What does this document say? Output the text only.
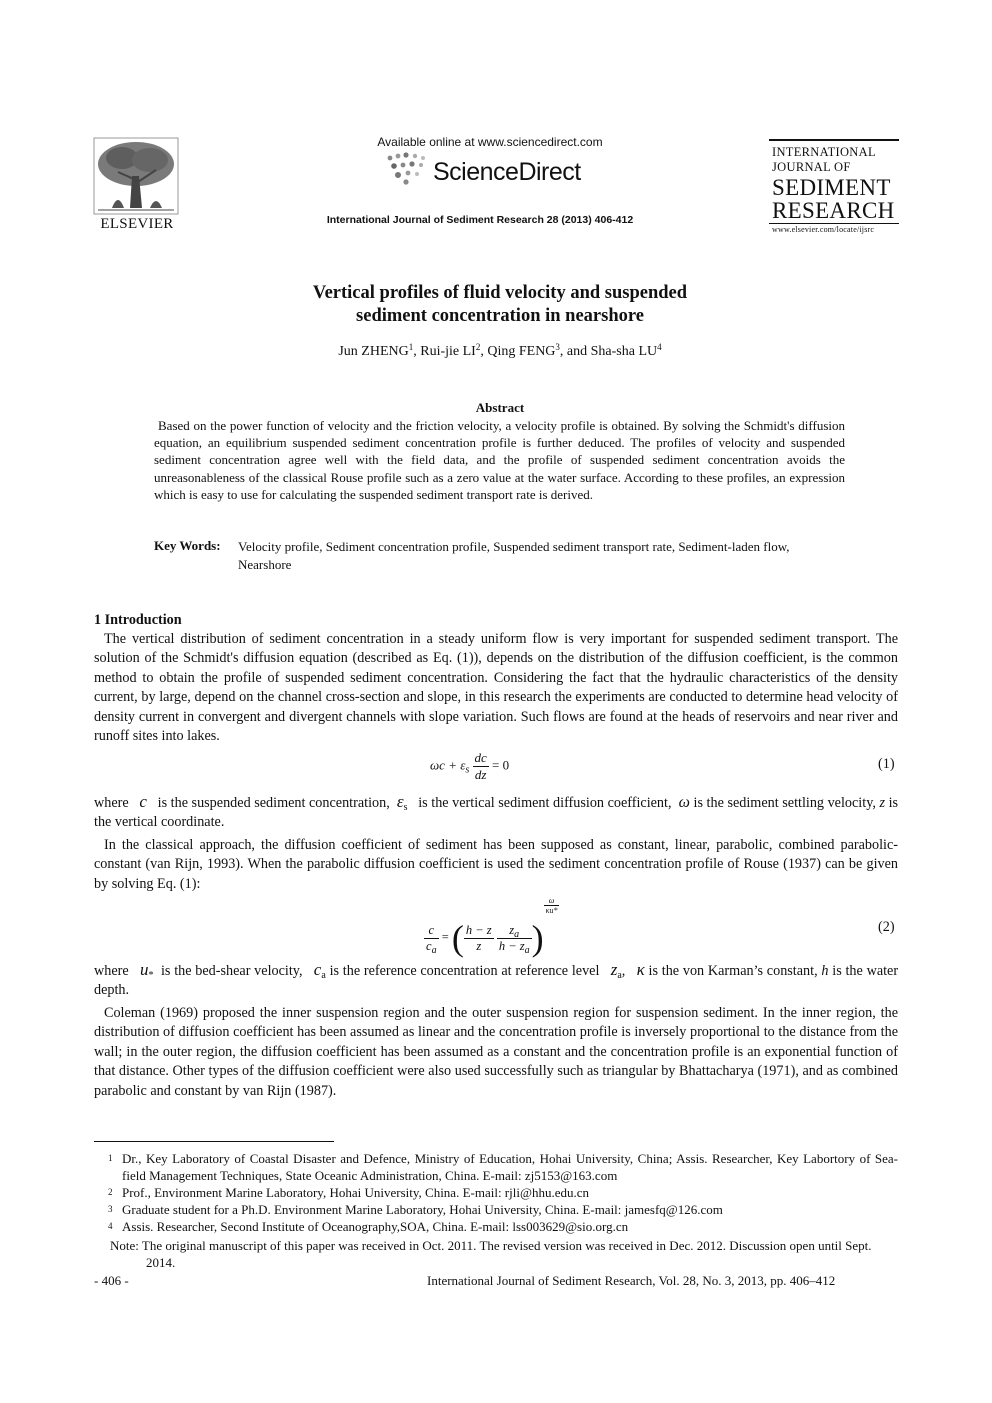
ELSEVIER
Available online at www.sciencedirect.com
ScienceDirect
International Journal of Sediment Research 28 (2013) 406-412
INTERNATIONAL
JOURNAL OF
SEDIMENT
RESEARCH
www.elsevier.com/locate/ijsrc
Vertical profiles of fluid velocity and suspended
sediment concentration in nearshore
Jun ZHENG$^1$, Rui-jie $LI^2$, Qing FENG$^3$, and Sha-sha $LU^4$
Abstract
Based on the power function of velocity and the friction velocity, a velocity profile is obtained. By solving the Schmidt's diffusion equation, an equilibrium suspended sediment concentration profile is further deduced. The profiles of velocity and suspended sediment concentration agree well with the field data, and the profile of suspended sediment concentration avoids the unreasonableness of the classical Rouse profile such as a zero value at the water surface. According to these profiles, an expression which is easy to use for calculating the suspended sediment transport rate is derived.
Key Words: Velocity profile, Sediment concentration profile, Suspended sediment transport rate, Sediment-laden flow, Nearshore
1 Introduction
The vertical distribution of sediment concentration in a steady uniform flow is very important for suspended sediment transport. The solution of the Schmidt's diffusion equation (described as Eq. (1)), depends on the distribution of the diffusion coefficient, is the common method to obtain the profile of suspended sediment concentration. Considering the fact that the hydraulic characteristics of the density current, by large, depend on the channel cross-section and slope, in this research the experiments are conducted to determine head velocity of density current in convergent and divergent channels with slope variation. Such flows are found at the heads of reservoirs and near river and runoff sites into lakes.
$\omega c + \varepsilon_s \frac{dc}{dz} = 0$	(1)
where c is the suspended sediment concentration, $\varepsilon_s$ is the vertical sediment diffusion coefficient, ω is the sediment settling velocity, z is the vertical coordinate.
In the classical approach, the diffusion coefficient of sediment has been supposed as constant, linear, parabolic, combined parabolic-constant (van Rijn, 1993). When the parabolic diffusion coefficient is used the sediment concentration profile of Rouse (1937) can be given by solving Eq. (1):
$\frac{c}{c_a}$ = ( $\frac{h - z}{z}$
$\frac{z_a}{h - z_a}$ )
$\frac{\omega}{\kappa u*}$
(2)
where $u_*$ is the bed-shear velocity, $c_a$ is the reference concentration at reference level $z_a$, κ is the von Karman’s constant, h is the water depth.
Coleman (1969) proposed the inner suspension region and the outer suspension region for suspension sediment. In the inner region, the distribution of diffusion coefficient has been assumed as linear and the concentration profile is inversely proportional to the distance from the wall; in the outer region, the diffusion coefficient has been assumed as a constant and the concentration profile is an exponential function of that distance. Other types of the diffusion coefficient were also used successfully such as triangular by Bhattacharya (1971), and as combined parabolic and constant by van Rijn (1987).
1 Dr., Key Laboratory of Coastal Disaster and Defence, Ministry of Education, Hohai University, China; Assis. Researcher, Key Labortory of Sea-field Management Techniques, State Oceanic Administration, China. E-mail: zj5153@163.com
2 Prof., Environment Marine Laboratory, Hohai University, China. E-mail: rjli@hhu.edu.cn
3 Graduate student for a Ph.D. Environment Marine Laboratory, Hohai University, China. E-mail: jamesfq@126.com
4 Assis. Researcher, Second Institute of Oceanography,SOA, China. E-mail: lss003629@sio.org.cn
Note: The original manuscript of this paper was received in Oct. 2011. The revised version was received in Dec. 2012. Discussion open until Sept. 2014.
- 406 -	International Journal of Sediment Research, Vol. 28, No. 3, 2013, pp. 406–412
